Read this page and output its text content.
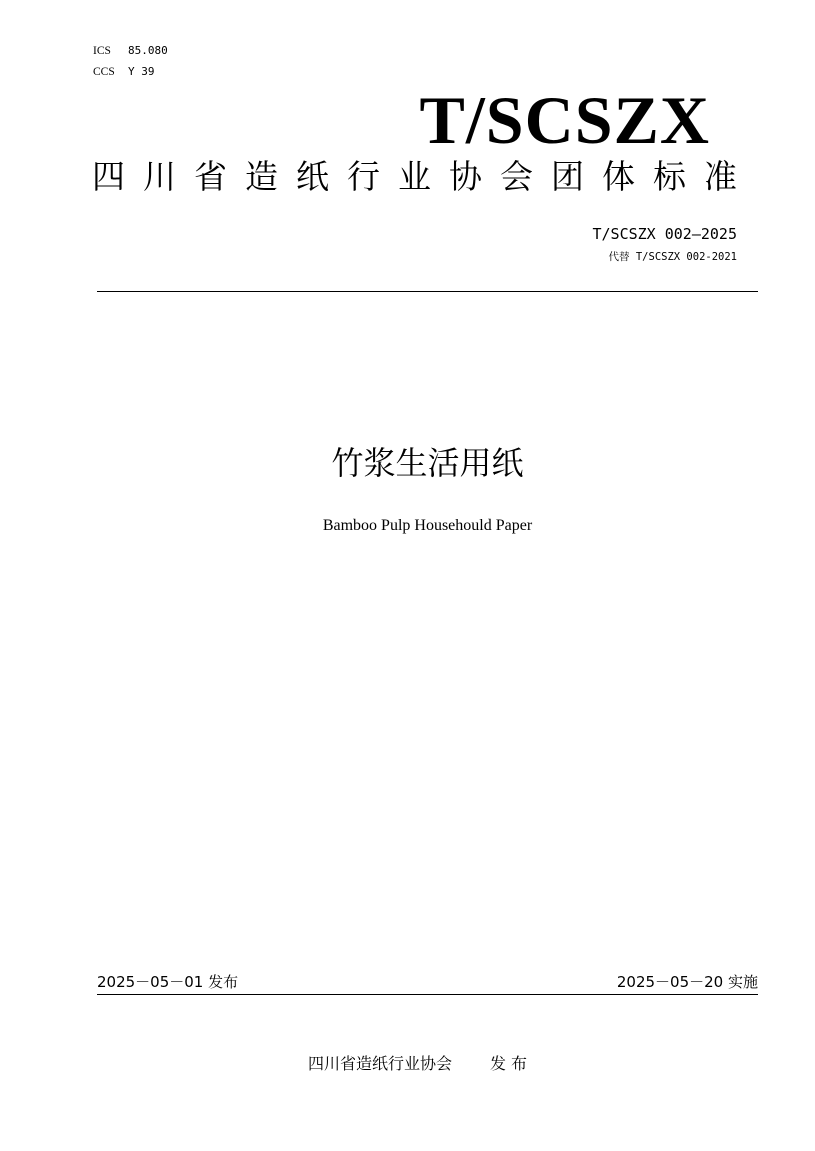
ICS 85.080
CCS Y 39
T/SCSZX
四 川 省 造 纸 行 业 协 会 团 体 标 准
T/SCSZX 002—2025
代替 T/SCSZX 002-2021
竹浆生活用纸
Bamboo Pulp Househould Paper
2025－05－01 发布	2025－05－20 实施
四川省造纸行业协会 发 布
